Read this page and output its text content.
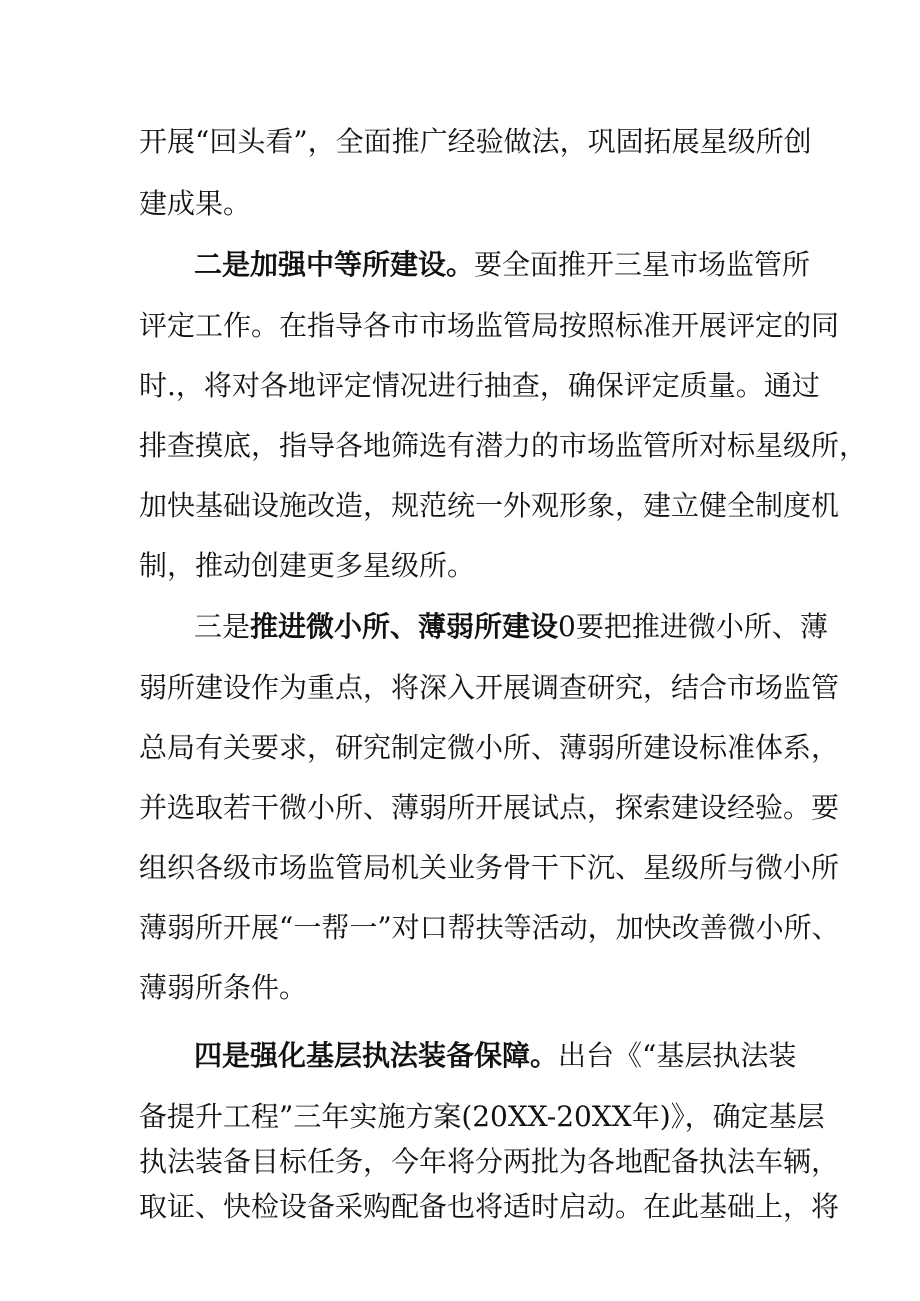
开展“回头看”，全面推广经验做法，巩固拓展星级所创
建成果。
二是加强中等所建设。要全面推开三星市场监管所
评定工作。在指导各市市场监管局按照标准开展评定的同
时.，将对各地评定情况进行抽查，确保评定质量。通过
排查摸底，指导各地筛选有潜力的市场监管所对标星级所，
加快基础设施改造，规范统一外观形象，建立健全制度机
制，推动创建更多星级所。
三是推进微小所、薄弱所建设0要把推进微小所、薄
弱所建设作为重点，将深入开展调查研究，结合市场监管
总局有关要求，研究制定微小所、薄弱所建设标准体系，
并选取若干微小所、薄弱所开展试点，探索建设经验。要
组织各级市场监管局机关业务骨干下沉、星级所与微小所
薄弱所开展“一帮一”对口帮扶等活动，加快改善微小所、
薄弱所条件。
四是强化基层执法装备保障。出台《“基层执法装
备提升工程”三年实施方案(20XX-20XX年)》，确定基层
执法装备目标任务，今年将分两批为各地配备执法车辆，
取证、快检设备采购配备也将适时启动。在此基础上，将
